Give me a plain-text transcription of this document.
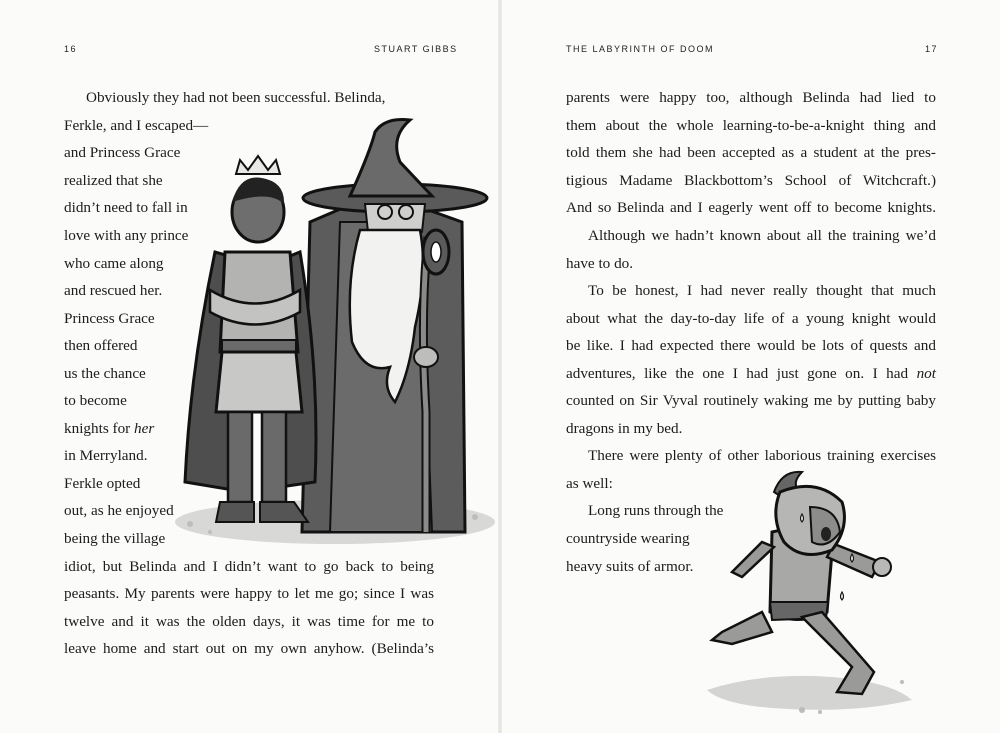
16	STUART GIBBS
Obviously they had not been successful. Belinda,
Ferkle, and I escaped—
and Princess Grace
realized that she
didn’t need to fall in
love with any prince
who came along
and rescued her.
Princess Grace
then offered
us the chance
to become
knights for her
in Merryland.
Ferkle opted
out, as he enjoyed
being the village
idiot, but Belinda and I didn’t want to go back to being
peasants. My parents were happy to let me go; since I was
twelve and it was the olden days, it was time for me to
leave home and start out on my own anyhow. (Belinda’s
THE LABYRINTH OF DOOM	17
parents were happy too, although Belinda had lied to
them about the whole learning-to-be-a-knight thing and
told them she had been accepted as a student at the pres-
tigious Madame Blackbottom’s School of Witchcraft.)
And so Belinda and I eagerly went off to become knights.
Although we hadn’t known about all the training we’d
have to do.
To be honest, I had never really thought that much
about what the day-to-day life of a young knight would
be like. I had expected there would be lots of quests and
adventures, like the one I had just gone on. I had not
counted on Sir Vyval routinely waking me by putting baby
dragons in my bed.
There were plenty of other laborious training exercises
as well:
Long runs through the
countryside wearing
heavy suits of armor.
